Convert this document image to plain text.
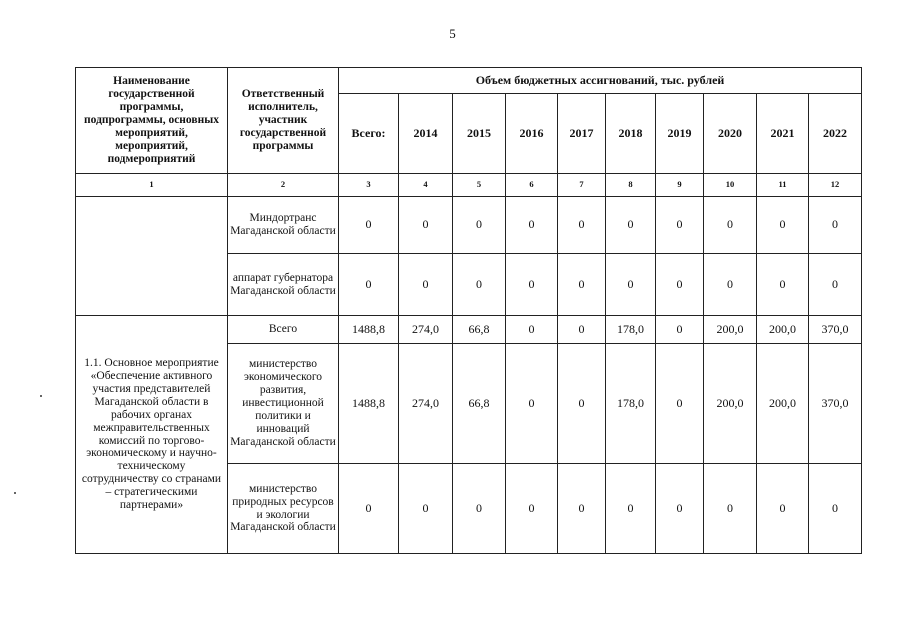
5
Наименование государственной программы, подпрограммы, основных мероприятий, мероприятий, подмероприятий	Ответственный исполнитель, участник государственной программы	Объем бюджетных ассигнований, тыс. рублей									
		Всего:	2014	2015	2016	2017	2018	2019	2020	2021	2022
1	2	3	4	5	6	7	8	9	10	11	12
	Миндортранс Магаданской области	0	0	0	0	0	0	0	0	0	0
	аппарат губернатора Магаданской области	0	0	0	0	0	0	0	0	0	0
1.1. Основное мероприятие «Обеспечение активного участия представителей Магаданской области в рабочих органах межправительственных комиссий по торгово-экономическому и научно-техническому сотрудничеству со странами – стратегическими партнерами»	Всего	1488,8	274,0	66,8	0	0	178,0	0	200,0	200,0	370,0
	министерство экономического развития, инвестиционной политики и инноваций Магаданской области	1488,8	274,0	66,8	0	0	178,0	0	200,0	200,0	370,0
	министерство природных ресурсов и экологии Магаданской области	0	0	0	0	0	0	0	0	0	0
